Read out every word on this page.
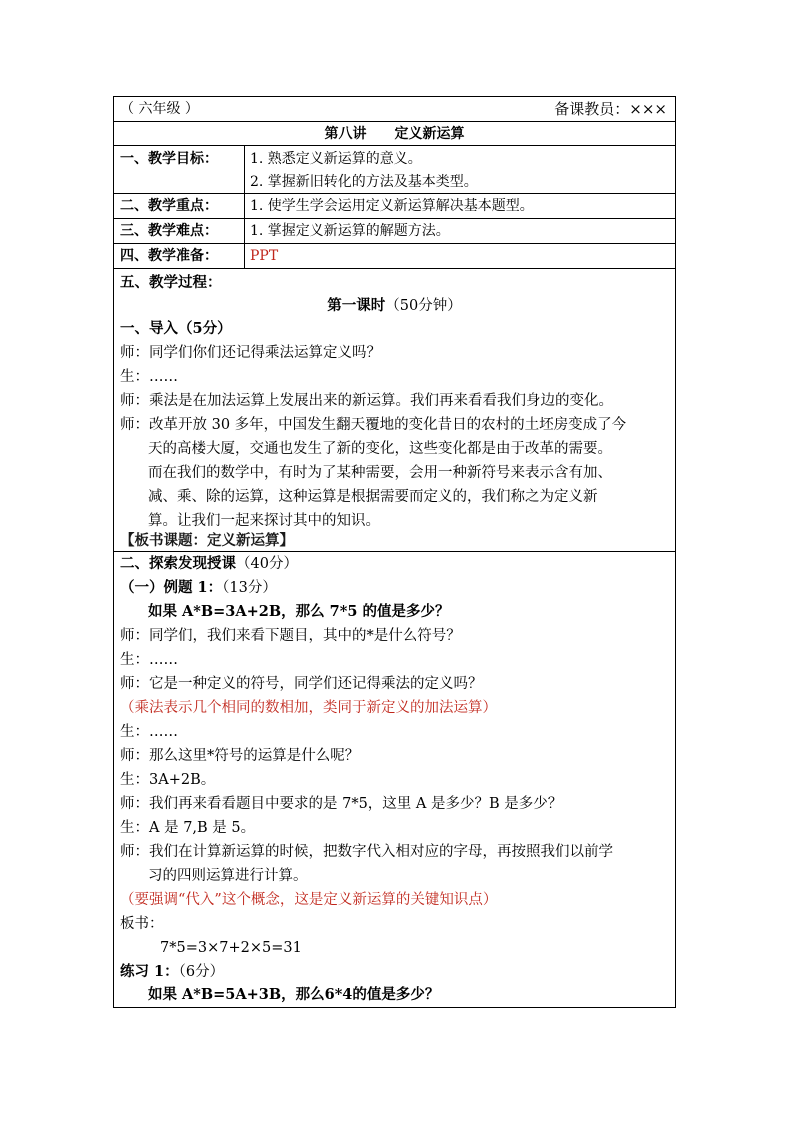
（ 六年级 ）	备课教员：×××
第八讲　　定义新运算
一、教学目标： 1. 熟悉定义新运算的意义。
2. 掌握新旧转化的方法及基本类型。
二、教学重点： 1. 使学生学会运用定义新运算解决基本题型。
三、教学难点： 1. 掌握定义新运算的解题方法。
四、教学准备： PPT
五、教学过程：
第一课时（50分钟）
一、导入（5分）
师：同学们你们还记得乘法运算定义吗？
生：……
师：乘法是在加法运算上发展出来的新运算。我们再来看看我们身边的变化。
师：改革开放 30 多年，中国发生翻天覆地的变化昔日的农村的土坯房变成了今
天的高楼大厦，交通也发生了新的变化，这些变化都是由于改革的需要。
而在我们的数学中，有时为了某种需要，会用一种新符号来表示含有加、
减、乘、除的运算，这种运算是根据需要而定义的，我们称之为定义新
算。让我们一起来探讨其中的知识。
【板书课题：定义新运算】
二、探索发现授课（40分）
（一）例题 1：（13分）
如果 A*B=3A+2B，那么 7*5 的值是多少？
师：同学们，我们来看下题目，其中的*是什么符号？
生：……
师：它是一种定义的符号，同学们还记得乘法的定义吗？
（乘法表示几个相同的数相加，类同于新定义的加法运算）
生：……
师：那么这里*符号的运算是什么呢？
生：3A+2B。
师：我们再来看看题目中要求的是 7*5，这里 A 是多少？B 是多少？
生：A 是 7,B 是 5。
师：我们在计算新运算的时候，把数字代入相对应的字母，再按照我们以前学
习的四则运算进行计算。
（要强调“代入”这个概念，这是定义新运算的关键知识点）
板书：
7*5=3×7+2×5=31
练习 1：（6分）
如果 A*B=5A+3B，那么6*4的值是多少？
